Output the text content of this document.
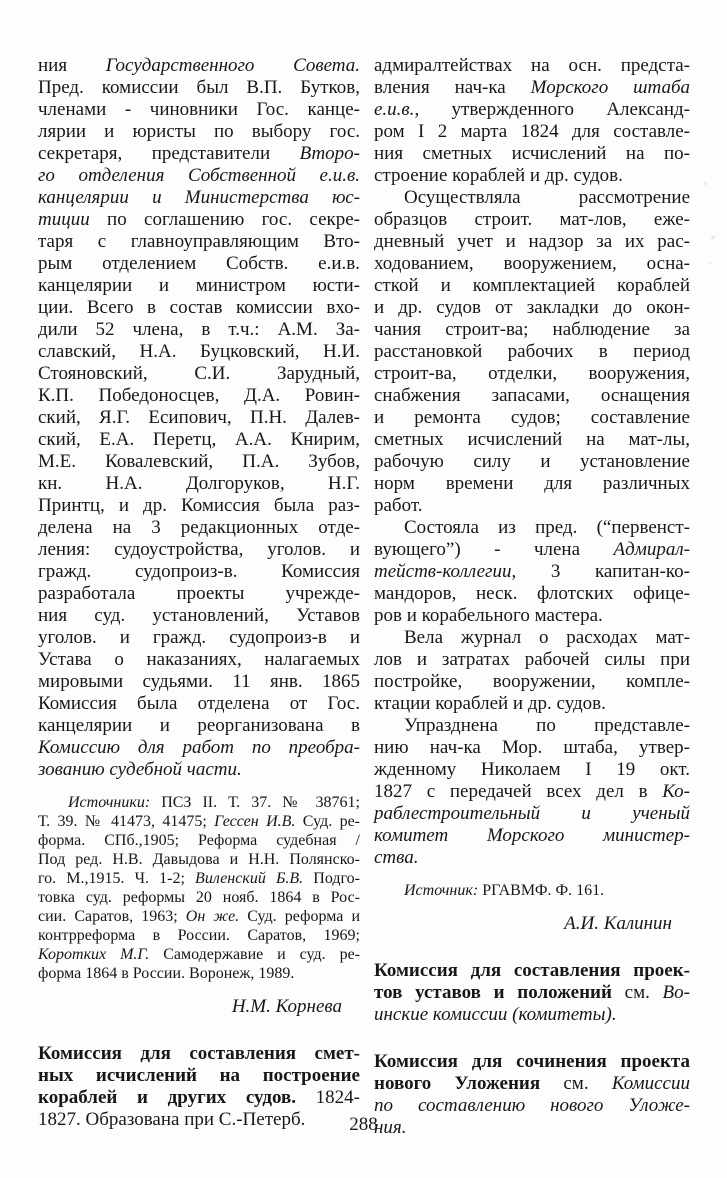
ния Государственного Совета.
Пред. комиссии был В.П. Бутков,
членами - чиновники Гос. канце-
лярии и юристы по выбору гос.
секретаря, представители Второ-
го отделения Собственной е.и.в.
канцелярии и Министерства юс-
тиции по соглашению гос. секре-
таря с главноуправляющим Вто-
рым отделением Собств. е.и.в.
канцелярии и министром юсти-
ции. Всего в состав комиссии вхо-
дили 52 члена, в т.ч.: А.М. За-
славский, Н.А. Буцковский, Н.И.
Стояновский, С.И. Зарудный,
К.П. Победоносцев, Д.А. Ровин-
ский, Я.Г. Есипович, П.Н. Далев-
ский, Е.А. Перетц, А.А. Книрим,
М.Е. Ковалевский, П.А. Зубов,
кн. Н.А. Долгоруков, Н.Г.
Принтц, и др. Комиссия была раз-
делена на 3 редакционных отде-
ления: судоустройства, уголов. и
гражд. судопроиз-в. Комиссия
разработала проекты учрежде-
ния суд. установлений, Уставов
уголов. и гражд. судопроиз-в и
Устава о наказаниях, налагаемых
мировыми судьями. 11 янв. 1865
Комиссия была отделена от Гос.
канцелярии и реорганизована в
Комиссию для работ по преобра-
зованию судебной части.
Источники: ПСЗ II. Т. 37. № 38761;
Т. 39. № 41473, 41475; Гессен И.В. Суд. ре-
форма. СПб.,1905; Реформа судебная /
Под ред. Н.В. Давыдова и Н.Н. Полянско-
го. М.,1915. Ч. 1-2; Виленский Б.В. Подго-
товка суд. реформы 20 нояб. 1864 в Рос-
сии. Саратов, 1963; Он же. Суд. реформа и
контрреформа в России. Саратов, 1969;
Коротких М.Г. Самодержавие и суд. ре-
форма 1864 в России. Воронеж, 1989.
Н.М. Корнева
Комиссия для составления смет-
ных исчислений на построение
кораблей и других судов. 1824-
1827. Образована при С.-Петерб.
адмиралтействах на осн. предста-
вления нач-ка Морского штаба
е.и.в., утвержденного Александ-
ром I 2 марта 1824 для составле-
ния сметных исчислений на по-
строение кораблей и др. судов.
Осуществляла рассмотрение
образцов строит. мат-лов, еже-
дневный учет и надзор за их рас-
ходованием, вооружением, осна-
сткой и комплектацией кораблей
и др. судов от закладки до окон-
чания строит-ва; наблюдение за
расстановкой рабочих в период
строит-ва, отделки, вооружения,
снабжения запасами, оснащения
и ремонта судов; составление
сметных исчислений на мат-лы,
рабочую силу и установление
норм времени для различных
работ.
Состояла из пред. (“первенст-
вующего”) - члена Адмирал-
тейств-коллегии, 3 капитан-ко-
мандоров, неск. флотских офице-
ров и корабельного мастера.
Вела журнал о расходах мат-
лов и затратах рабочей силы при
постройке, вооружении, компле-
ктации кораблей и др. судов.
Упразднена по представле-
нию нач-ка Мор. штаба, утвер-
жденному Николаем I 19 окт.
1827 с передачей всех дел в Ко-
раблестроительный и ученый
комитет Морского министер-
ства.
Источник: РГАВМФ. Ф. 161.
А.И. Калинин
Комиссия для составления проек-
тов уставов и положений см. Во-
инские комиссии (комитеты).
Комиссия для сочинения проекта
нового Уложения см. Комиссии
по составлению нового Уложе-
ния.
288
